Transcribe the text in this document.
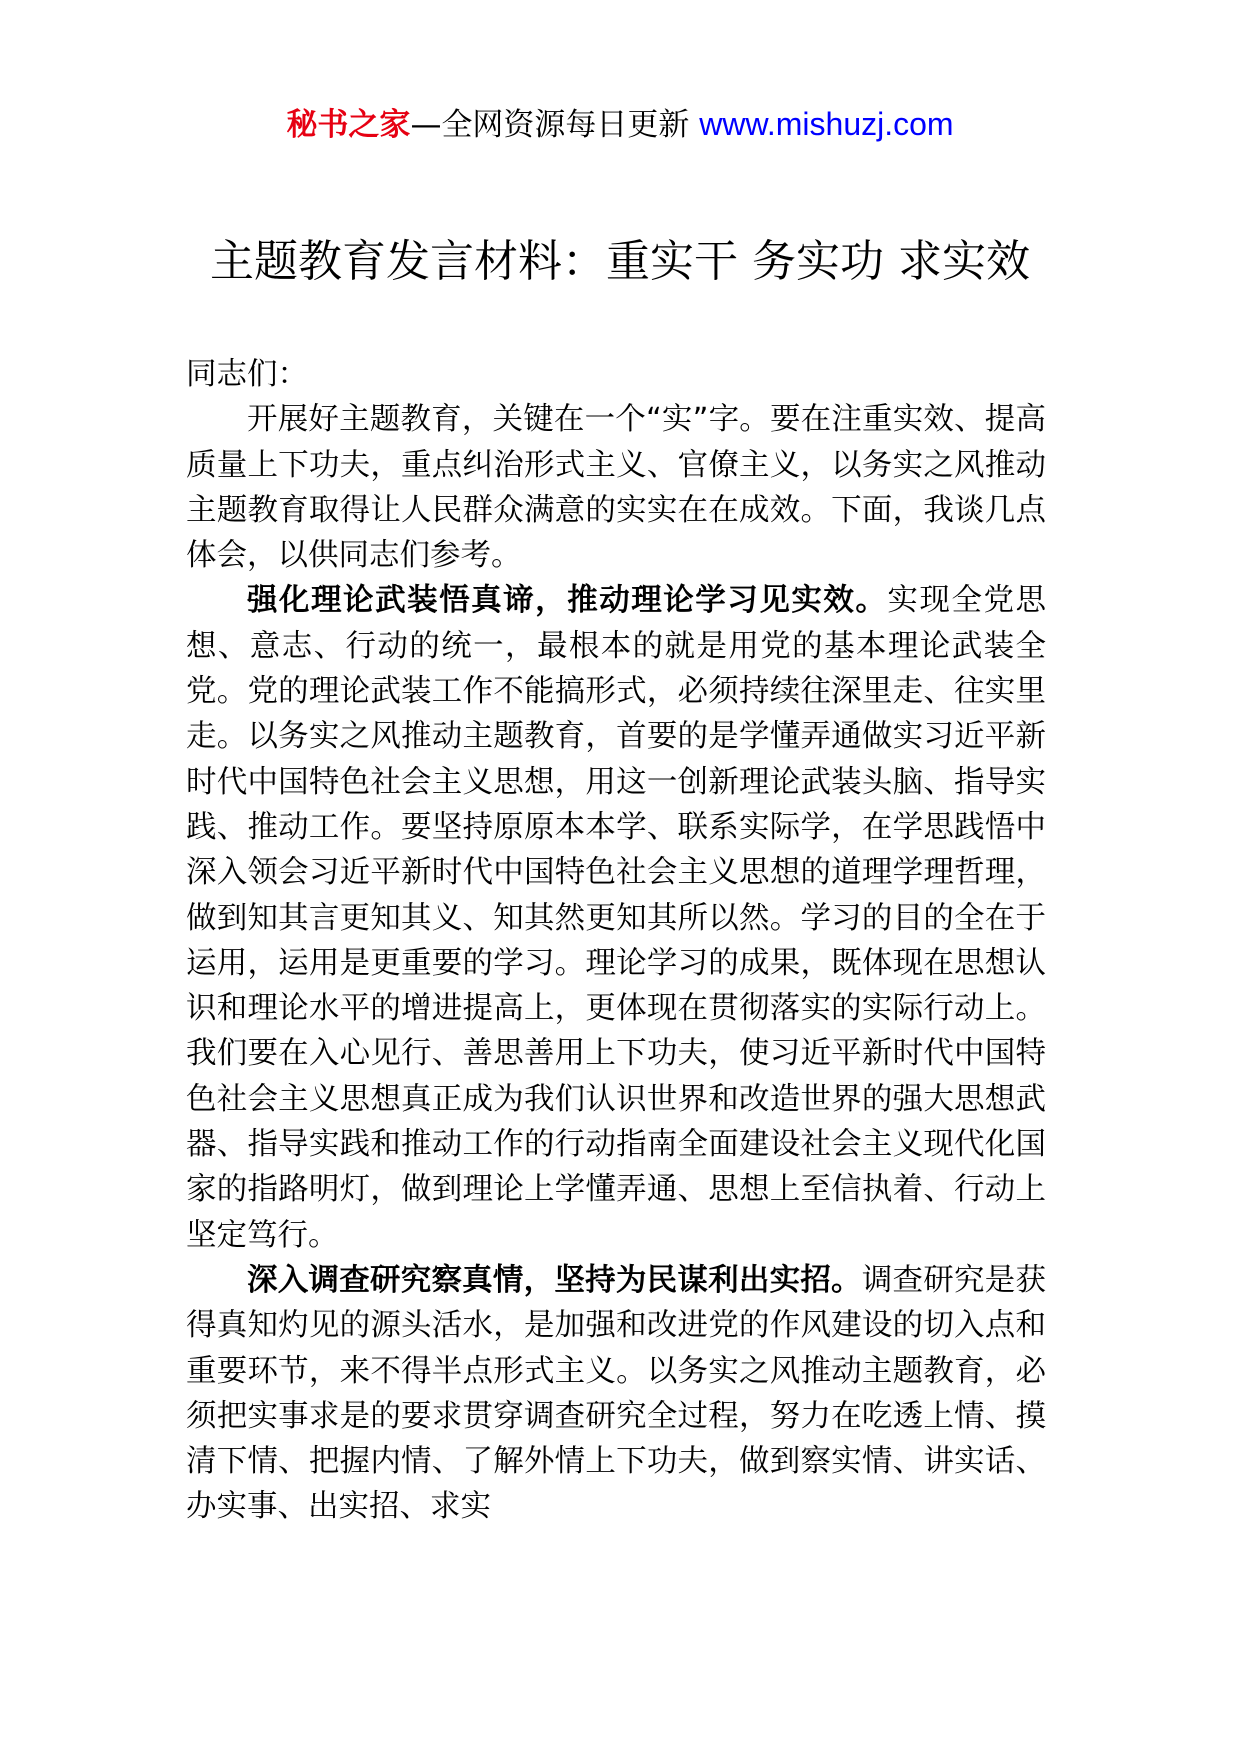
秘书之家—全网资源每日更新 www.mishuzj.com
主题教育发言材料：重实干 务实功 求实效

同志们：

开展好主题教育，关键在一个“实”字。要在注重实效、提高质量上下功夫，重点纠治形式主义、官僚主义，以务实之风推动主题教育取得让人民群众满意的实实在在成效。下面，我谈几点体会，以供同志们参考。

强化理论武装悟真谛，推动理论学习见实效。实现全党思想、意志、行动的统一，最根本的就是用党的基本理论武装全党。党的理论武装工作不能搞形式，必须持续往深里走、往实里走。以务实之风推动主题教育，首要的是学懂弄通做实习近平新时代中国特色社会主义思想，用这一创新理论武装头脑、指导实践、推动工作。要坚持原原本本学、联系实际学，在学思践悟中深入领会习近平新时代中国特色社会主义思想的道理学理哲理，做到知其言更知其义、知其然更知其所以然。学习的目的全在于运用，运用是更重要的学习。理论学习的成果，既体现在思想认识和理论水平的增进提高上，更体现在贯彻落实的实际行动上。我们要在入心见行、善思善用上下功夫，使习近平新时代中国特色社会主义思想真正成为我们认识世界和改造世界的强大思想武器、指导实践和推动工作的行动指南全面建设社会主义现代化国家的指路明灯，做到理论上学懂弄通、思想上至信执着、行动上坚定笃行。

深入调查研究察真情，坚持为民谋利出实招。调查研究是获得真知灼见的源头活水，是加强和改进党的作风建设的切入点和重要环节，来不得半点形式主义。以务实之风推动主题教育，必须把实事求是的要求贯穿调查研究全过程，努力在吃透上情、摸清下情、把握内情、了解外情上下功夫，做到察实情、讲实话、办实事、出实招、求实
